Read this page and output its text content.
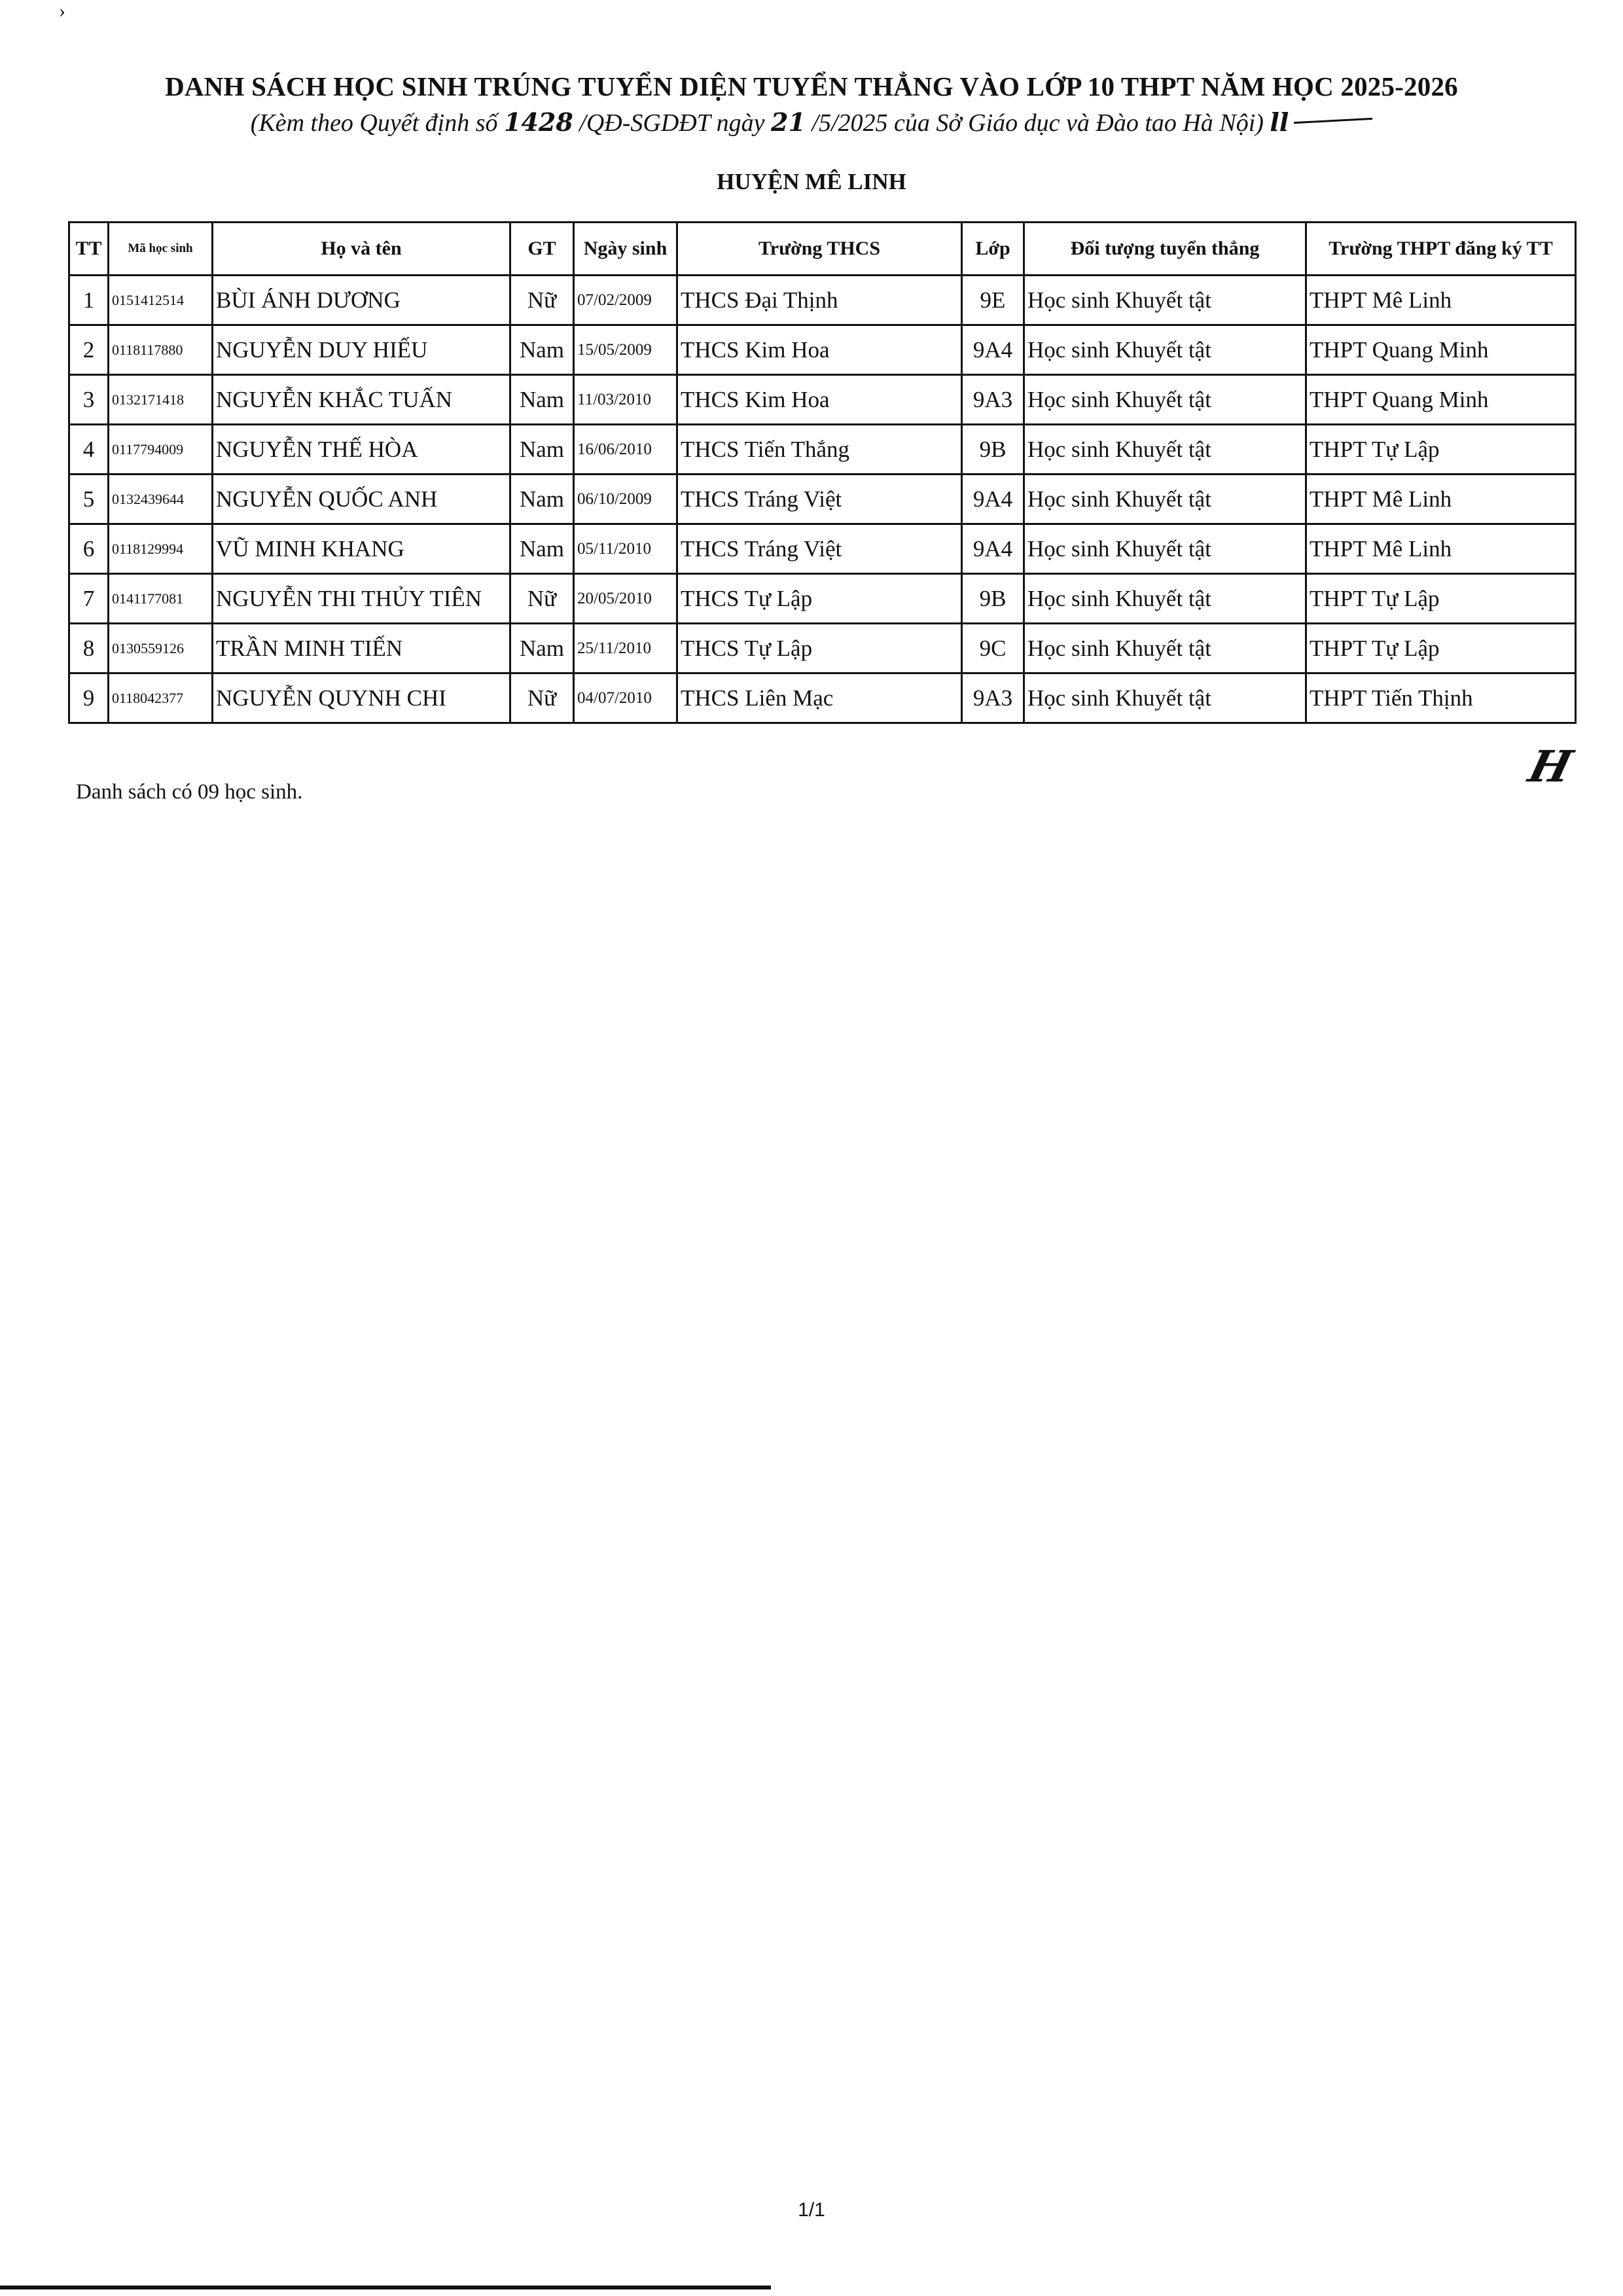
›
DANH SÁCH HỌC SINH TRÚNG TUYỂN DIỆN TUYỂN THẲNG VÀO LỚP 10 THPT NĂM HỌC 2025-2026
(Kèm theo Quyết định số 1428 /QĐ-SGDĐT ngày 21 /5/2025 của Sở Giáo dục và Đào tao Hà Nội) ll
HUYỆN MÊ LINH
TT	Mã học sinh	Họ và tên	GT	Ngày sinh	Trường THCS	Lớp	Đối tượng tuyển thẳng	Trường THPT đăng ký TT
1	0151412514	BÙI ÁNH DƯƠNG	Nữ	07/02/2009	THCS Đại Thịnh	9E	Học sinh Khuyết tật	THPT Mê Linh
2	0118117880	NGUYỄN DUY HIẾU	Nam	15/05/2009	THCS Kim Hoa	9A4	Học sinh Khuyết tật	THPT Quang Minh
3	0132171418	NGUYỄN KHẮC TUẤN	Nam	11/03/2010	THCS Kim Hoa	9A3	Học sinh Khuyết tật	THPT Quang Minh
4	0117794009	NGUYỄN THẾ HÒA	Nam	16/06/2010	THCS Tiến Thắng	9B	Học sinh Khuyết tật	THPT Tự Lập
5	0132439644	NGUYỄN QUỐC ANH	Nam	06/10/2009	THCS Tráng Việt	9A4	Học sinh Khuyết tật	THPT Mê Linh
6	0118129994	VŨ MINH KHANG	Nam	05/11/2010	THCS Tráng Việt	9A4	Học sinh Khuyết tật	THPT Mê Linh
7	0141177081	NGUYỄN THI THỦY TIÊN	Nữ	20/05/2010	THCS Tự Lập	9B	Học sinh Khuyết tật	THPT Tự Lập
8	0130559126	TRẦN MINH TIẾN	Nam	25/11/2010	THCS Tự Lập	9C	Học sinh Khuyết tật	THPT Tự Lập
9	0118042377	NGUYỄN QUYNH CHI	Nữ	04/07/2010	THCS Liên Mạc	9A3	Học sinh Khuyết tật	THPT Tiến Thịnh
Danh sách có 09 học sinh.	H
1/1
